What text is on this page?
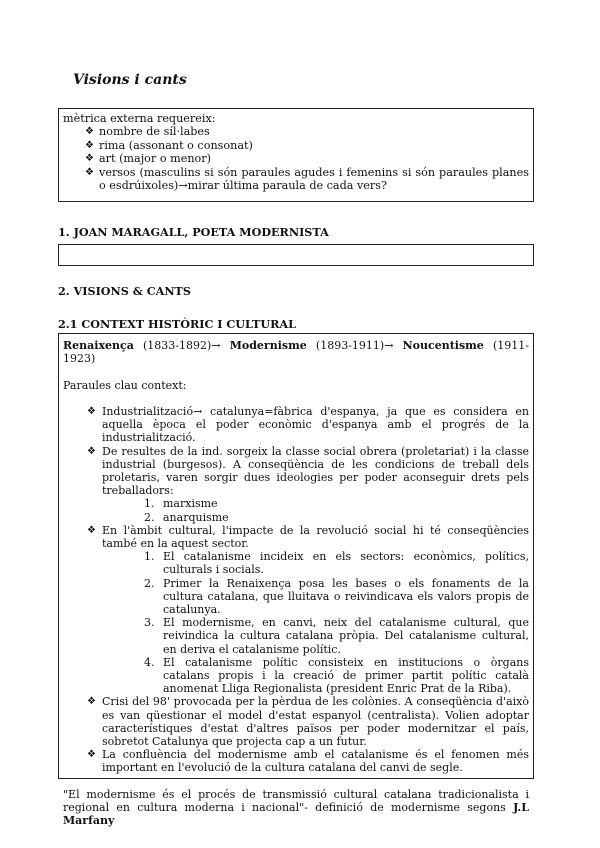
Visions i cants

mètrica externa requereix:

❖ nombre de síl·labes
❖ rima (assonant o consonat)
❖ art (major o menor)
❖ versos (masculins si són paraules agudes i femenins si són paraules planes o esdrúixoles)→mirar última paraula de cada vers?
1. JOAN MARAGALL, POETA MODERNISTA
2. VISIONS & CANTS
2.1 CONTEXT HISTÒRIC I CULTURAL

Renaixença (1833-1892)→ Modernisme (1893-1911)→ Noucentisme (1911-1923)

Paraules clau context:

❖ Industrialització→ catalunya=fàbrica d'espanya, ja que es considera en aquella època el poder econòmic d'espanya amb el progrés de la industrialització.
❖ De resultes de la ind. sorgeix la classe social obrera (proletariat) i la classe industrial (burgesos). A conseqüència de les condicions de treball dels proletaris, varen sorgir dues ideologies per poder aconseguir drets pels treballadors:
1. marxisme
2. anarquisme
❖ En l'àmbit cultural, l'impacte de la revolució social hi té conseqüències també en la aquest sector.
1. El catalanisme incideix en els sectors: econòmics, polítics, culturals i socials.
2. Primer la Renaixença posa les bases o els fonaments de la cultura catalana, que lluitava o reivindicava els valors propis de catalunya.
3. El modernisme, en canvi, neix del catalanisme cultural, que reivindica la cultura catalana pròpia. Del catalanisme cultural, en deriva el catalanisme polític.
4. El catalanisme polític consisteix en institucions o òrgans catalans propis i la creació de primer partit polític català anomenat Lliga Regionalista (president Enric Prat de la Riba).
❖ Crisi del 98' provocada per la pèrdua de les colònies. A conseqüència d'això es van qüestionar el model d'estat espanyol (centralista). Volien adoptar característiques d'estat d'altres països per poder modernitzar el país, sobretot Catalunya que projecta cap a un futur.
❖ La confluència del modernisme amb el catalanisme és el fenomen més important en l'evolució de la cultura catalana del canvi de segle.

"El modernisme és el procés de transmissió cultural catalana tradicionalista i regional en cultura moderna i nacional"- definició de modernisme segons J.L Marfany
